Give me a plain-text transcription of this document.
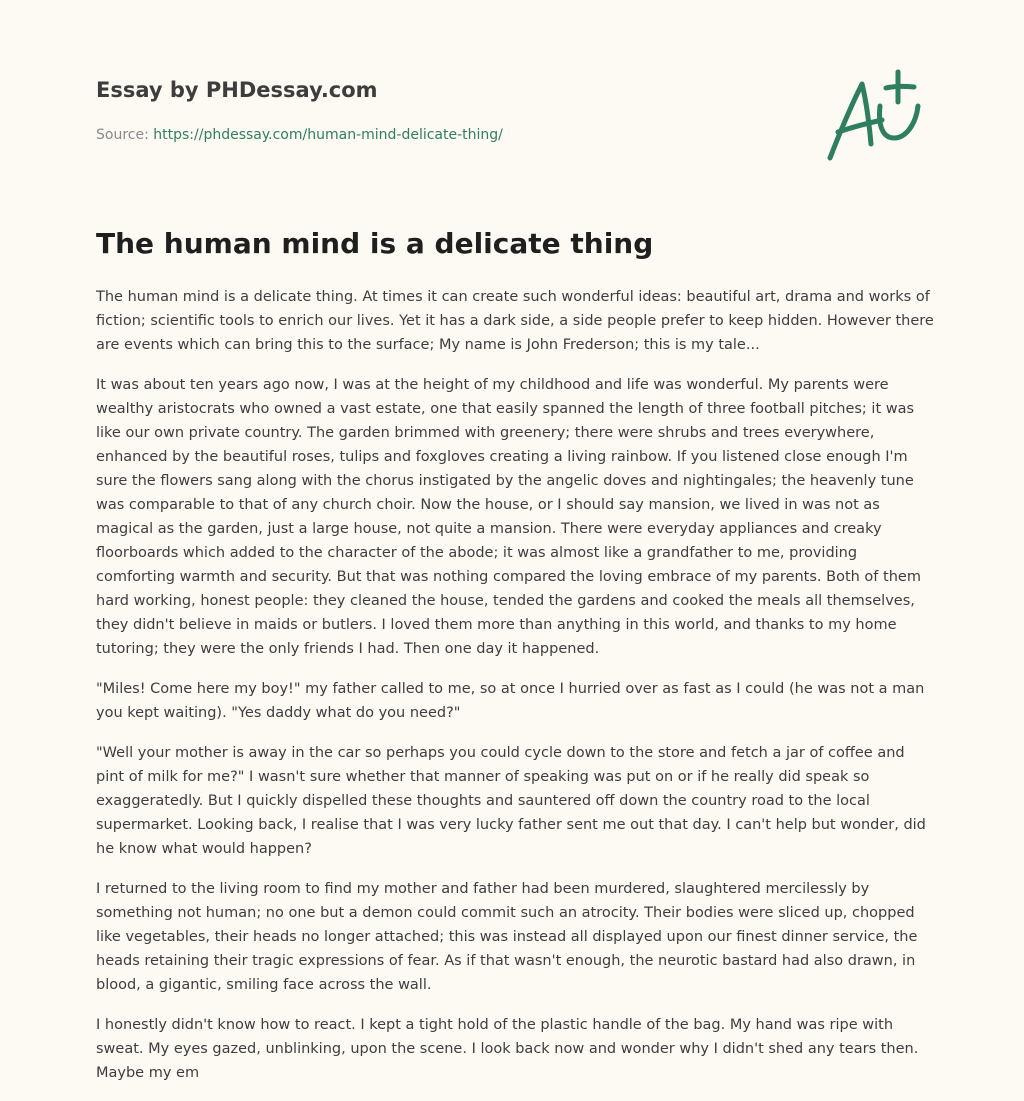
Essay by PHDessay.com
Source: https://phdessay.com/human-mind-delicate-thing/
The human mind is a delicate thing

The human mind is a delicate thing. At times it can create such wonderful ideas: beautiful art, drama and works of fiction; scientific tools to enrich our lives. Yet it has a dark side, a side people prefer to keep hidden. However there are events which can bring this to the surface; My name is John Frederson; this is my tale...

It was about ten years ago now, I was at the height of my childhood and life was wonderful. My parents were wealthy aristocrats who owned a vast estate, one that easily spanned the length of three football pitches; it was like our own private country. The garden brimmed with greenery; there were shrubs and trees everywhere, enhanced by the beautiful roses, tulips and foxgloves creating a living rainbow. If you listened close enough I'm sure the flowers sang along with the chorus instigated by the angelic doves and nightingales; the heavenly tune was comparable to that of any church choir. Now the house, or I should say mansion, we lived in was not as magical as the garden, just a large house, not quite a mansion. There were everyday appliances and creaky floorboards which added to the character of the abode; it was almost like a grandfather to me, providing comforting warmth and security. But that was nothing compared the loving embrace of my parents. Both of them hard working, honest people: they cleaned the house, tended the gardens and cooked the meals all themselves, they didn't believe in maids or butlers. I loved them more than anything in this world, and thanks to my home tutoring; they were the only friends I had. Then one day it happened.

"Miles! Come here my boy!" my father called to me, so at once I hurried over as fast as I could (he was not a man you kept waiting). "Yes daddy what do you need?"

"Well your mother is away in the car so perhaps you could cycle down to the store and fetch a jar of coffee and pint of milk for me?" I wasn't sure whether that manner of speaking was put on or if he really did speak so exaggeratedly. But I quickly dispelled these thoughts and sauntered off down the country road to the local supermarket. Looking back, I realise that I was very lucky father sent me out that day. I can't help but wonder, did he know what would happen?

I returned to the living room to find my mother and father had been murdered, slaughtered mercilessly by something not human; no one but a demon could commit such an atrocity. Their bodies were sliced up, chopped like vegetables, their heads no longer attached; this was instead all displayed upon our finest dinner service, the heads retaining their tragic expressions of fear. As if that wasn't enough, the neurotic bastard had also drawn, in blood, a gigantic, smiling face across the wall.

I honestly didn't know how to react. I kept a tight hold of the plastic handle of the bag. My hand was ripe with sweat. My eyes gazed, unblinking, upon the scene. I look back now and wonder why I didn't shed any tears then. Maybe my em
